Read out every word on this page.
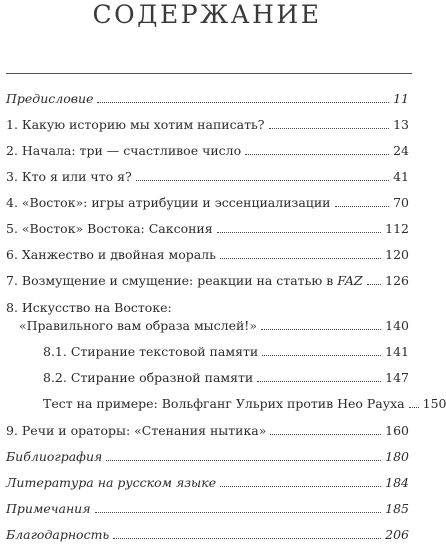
СОДЕРЖАНИЕ
Предисловие	11
1. Какую историю мы хотим написать?	13
2. Начала: три — счастливое число	24
3. Кто я или что я?	41
4. «Восток»: игры атрибуции и эссенциализации	70
5. «Восток» Востока: Саксония	112
6. Ханжество и двойная мораль	120
7. Возмущение и смущение: реакции на статью в FAZ 126
8. Искусство на Востоке:
«Правильного вам образа мыслей!»	140
8.1. Стирание текстовой памяти	141
8.2. Стирание образной памяти	147
Тест на примере: Вольфганг Ульрих против Нео Рауха 150
9. Речи и ораторы: «Стенания нытика»	160
Библиография	180
Литература на русском языке	184
Примечания	185
Благодарность	206
